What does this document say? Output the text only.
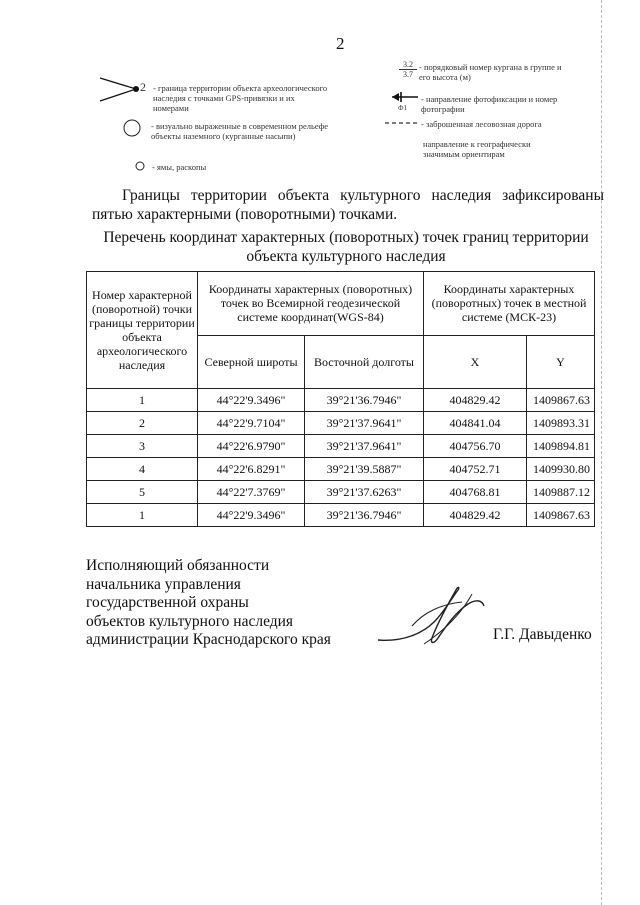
2
2 - граница территории объекта археологического наследия с точками GPS-привязки и их номерами
- визуально выраженные в современном рельефе объекты наземного (курганные насыпи)
- ямы, раскопы
3.2
3.7
- порядковый номер кургана в группе и его высота (м)
Ф1
- направление фотофиксации и номер фотографии
- заброшенная лесовозная дорога
направление к географически значимым ориентирам
Границы территории объекта культурного наследия зафиксированы пятью характерными (поворотными) точками.
Перечень координат характерных (поворотных) точек границ территории объекта культурного наследия
Номер характерной (поворотной) точки границы территории объекта археологического наследия	Координаты характерных (поворотных) точек во Всемирной геодезической системе координат(WGS-84)		Координаты характерных (поворотных) точек в местной системе (МСК-23)	
	Северной широты	Восточной долготы	X	Y
1	44°22'9.3496"	39°21'36.7946"	404829.42	1409867.63
2	44°22'9.7104"	39°21'37.9641"	404841.04	1409893.31
3	44°22'6.9790"	39°21'37.9641"	404756.70	1409894.81
4	44°22'6.8291"	39°21'39.5887"	404752.71	1409930.80
5	44°22'7.3769"	39°21'37.6263"	404768.81	1409887.12
1	44°22'9.3496"	39°21'36.7946"	404829.42	1409867.63
Исполняющий обязанности
начальника управления
государственной охраны
объектов культурного наследия
администрации Краснодарского края	Г.Г. Давыденко
